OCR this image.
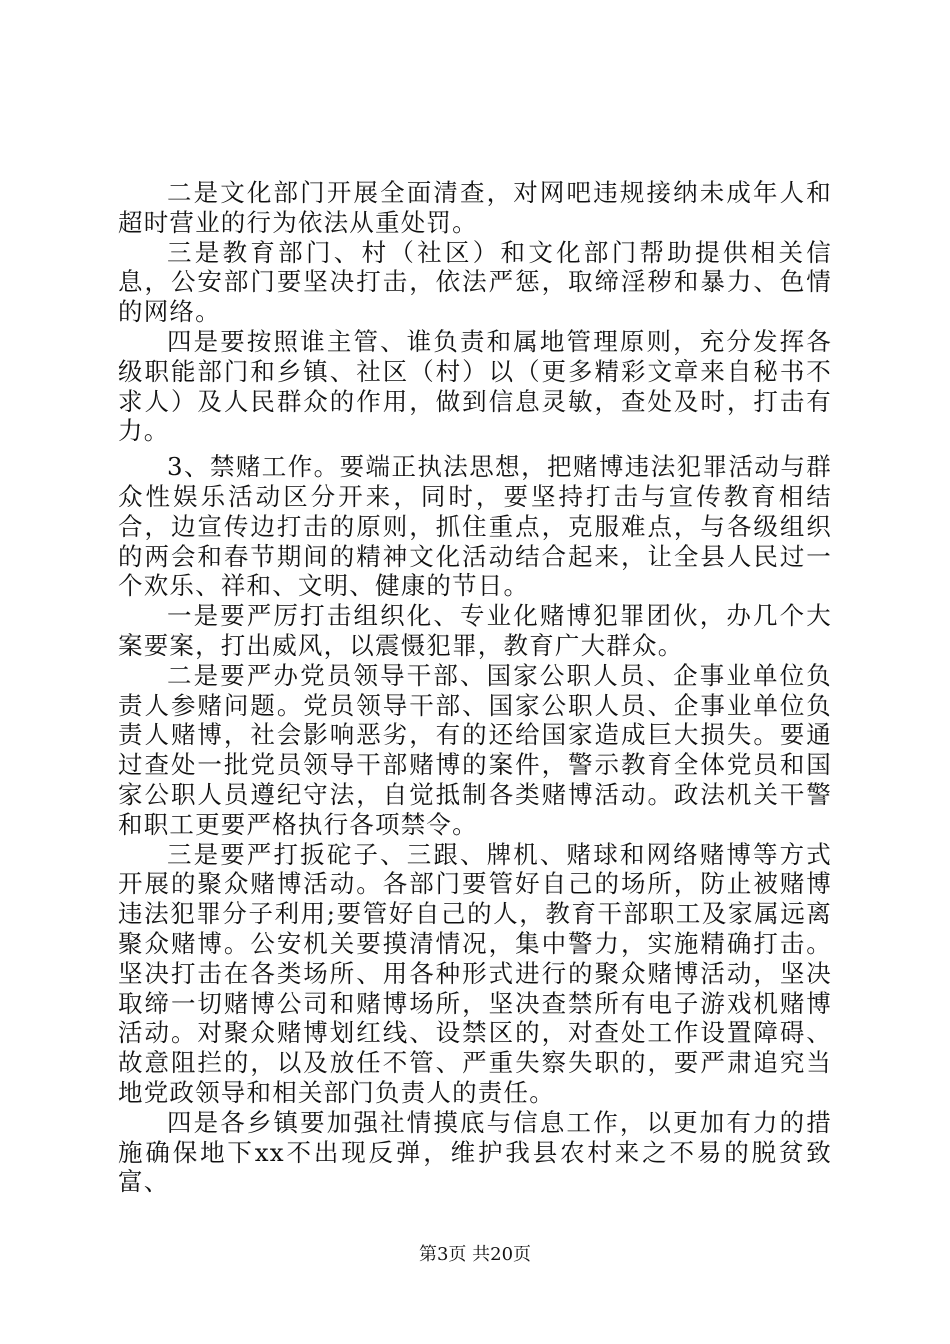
二是文化部门开展全面清查，对网吧违规接纳未成年人和超时营业的行为依法从重处罚。

三是教育部门、村（社区）和文化部门帮助提供相关信息，公安部门要坚决打击，依法严惩，取缔淫秽和暴力、色情的网络。

四是要按照谁主管、谁负责和属地管理原则，充分发挥各级职能部门和乡镇、社区（村）以（更多精彩文章来自秘书不求人）及人民群众的作用，做到信息灵敏，查处及时，打击有力。

3、禁赌工作。要端正执法思想，把赌博违法犯罪活动与群众性娱乐活动区分开来，同时，要坚持打击与宣传教育相结合，边宣传边打击的原则，抓住重点，克服难点，与各级组织的两会和春节期间的精神文化活动结合起来，让全县人民过一个欢乐、祥和、文明、健康的节日。

一是要严厉打击组织化、专业化赌博犯罪团伙，办几个大案要案，打出威风，以震慑犯罪，教育广大群众。

二是要严办党员领导干部、国家公职人员、企事业单位负责人参赌问题。党员领导干部、国家公职人员、企事业单位负责人赌博，社会影响恶劣，有的还给国家造成巨大损失。要通过查处一批党员领导干部赌博的案件，警示教育全体党员和国家公职人员遵纪守法，自觉抵制各类赌博活动。政法机关干警和职工更要严格执行各项禁令。

三是要严打扳砣子、三跟、牌机、赌球和网络赌博等方式开展的聚众赌博活动。各部门要管好自己的场所，防止被赌博违法犯罪分子利用;要管好自己的人，教育干部职工及家属远离聚众赌博。公安机关要摸清情况，集中警力，实施精确打击。坚决打击在各类场所、用各种形式进行的聚众赌博活动，坚决取缔一切赌博公司和赌博场所，坚决查禁所有电子游戏机赌博活动。对聚众赌博划红线、设禁区的，对查处工作设置障碍、故意阻拦的，以及放任不管、严重失察失职的，要严肃追究当地党政领导和相关部门负责人的责任。

四是各乡镇要加强社情摸底与信息工作，以更加有力的措施确保地下xx不出现反弹，维护我县农村来之不易的脱贫致富、

第3页 共20页
